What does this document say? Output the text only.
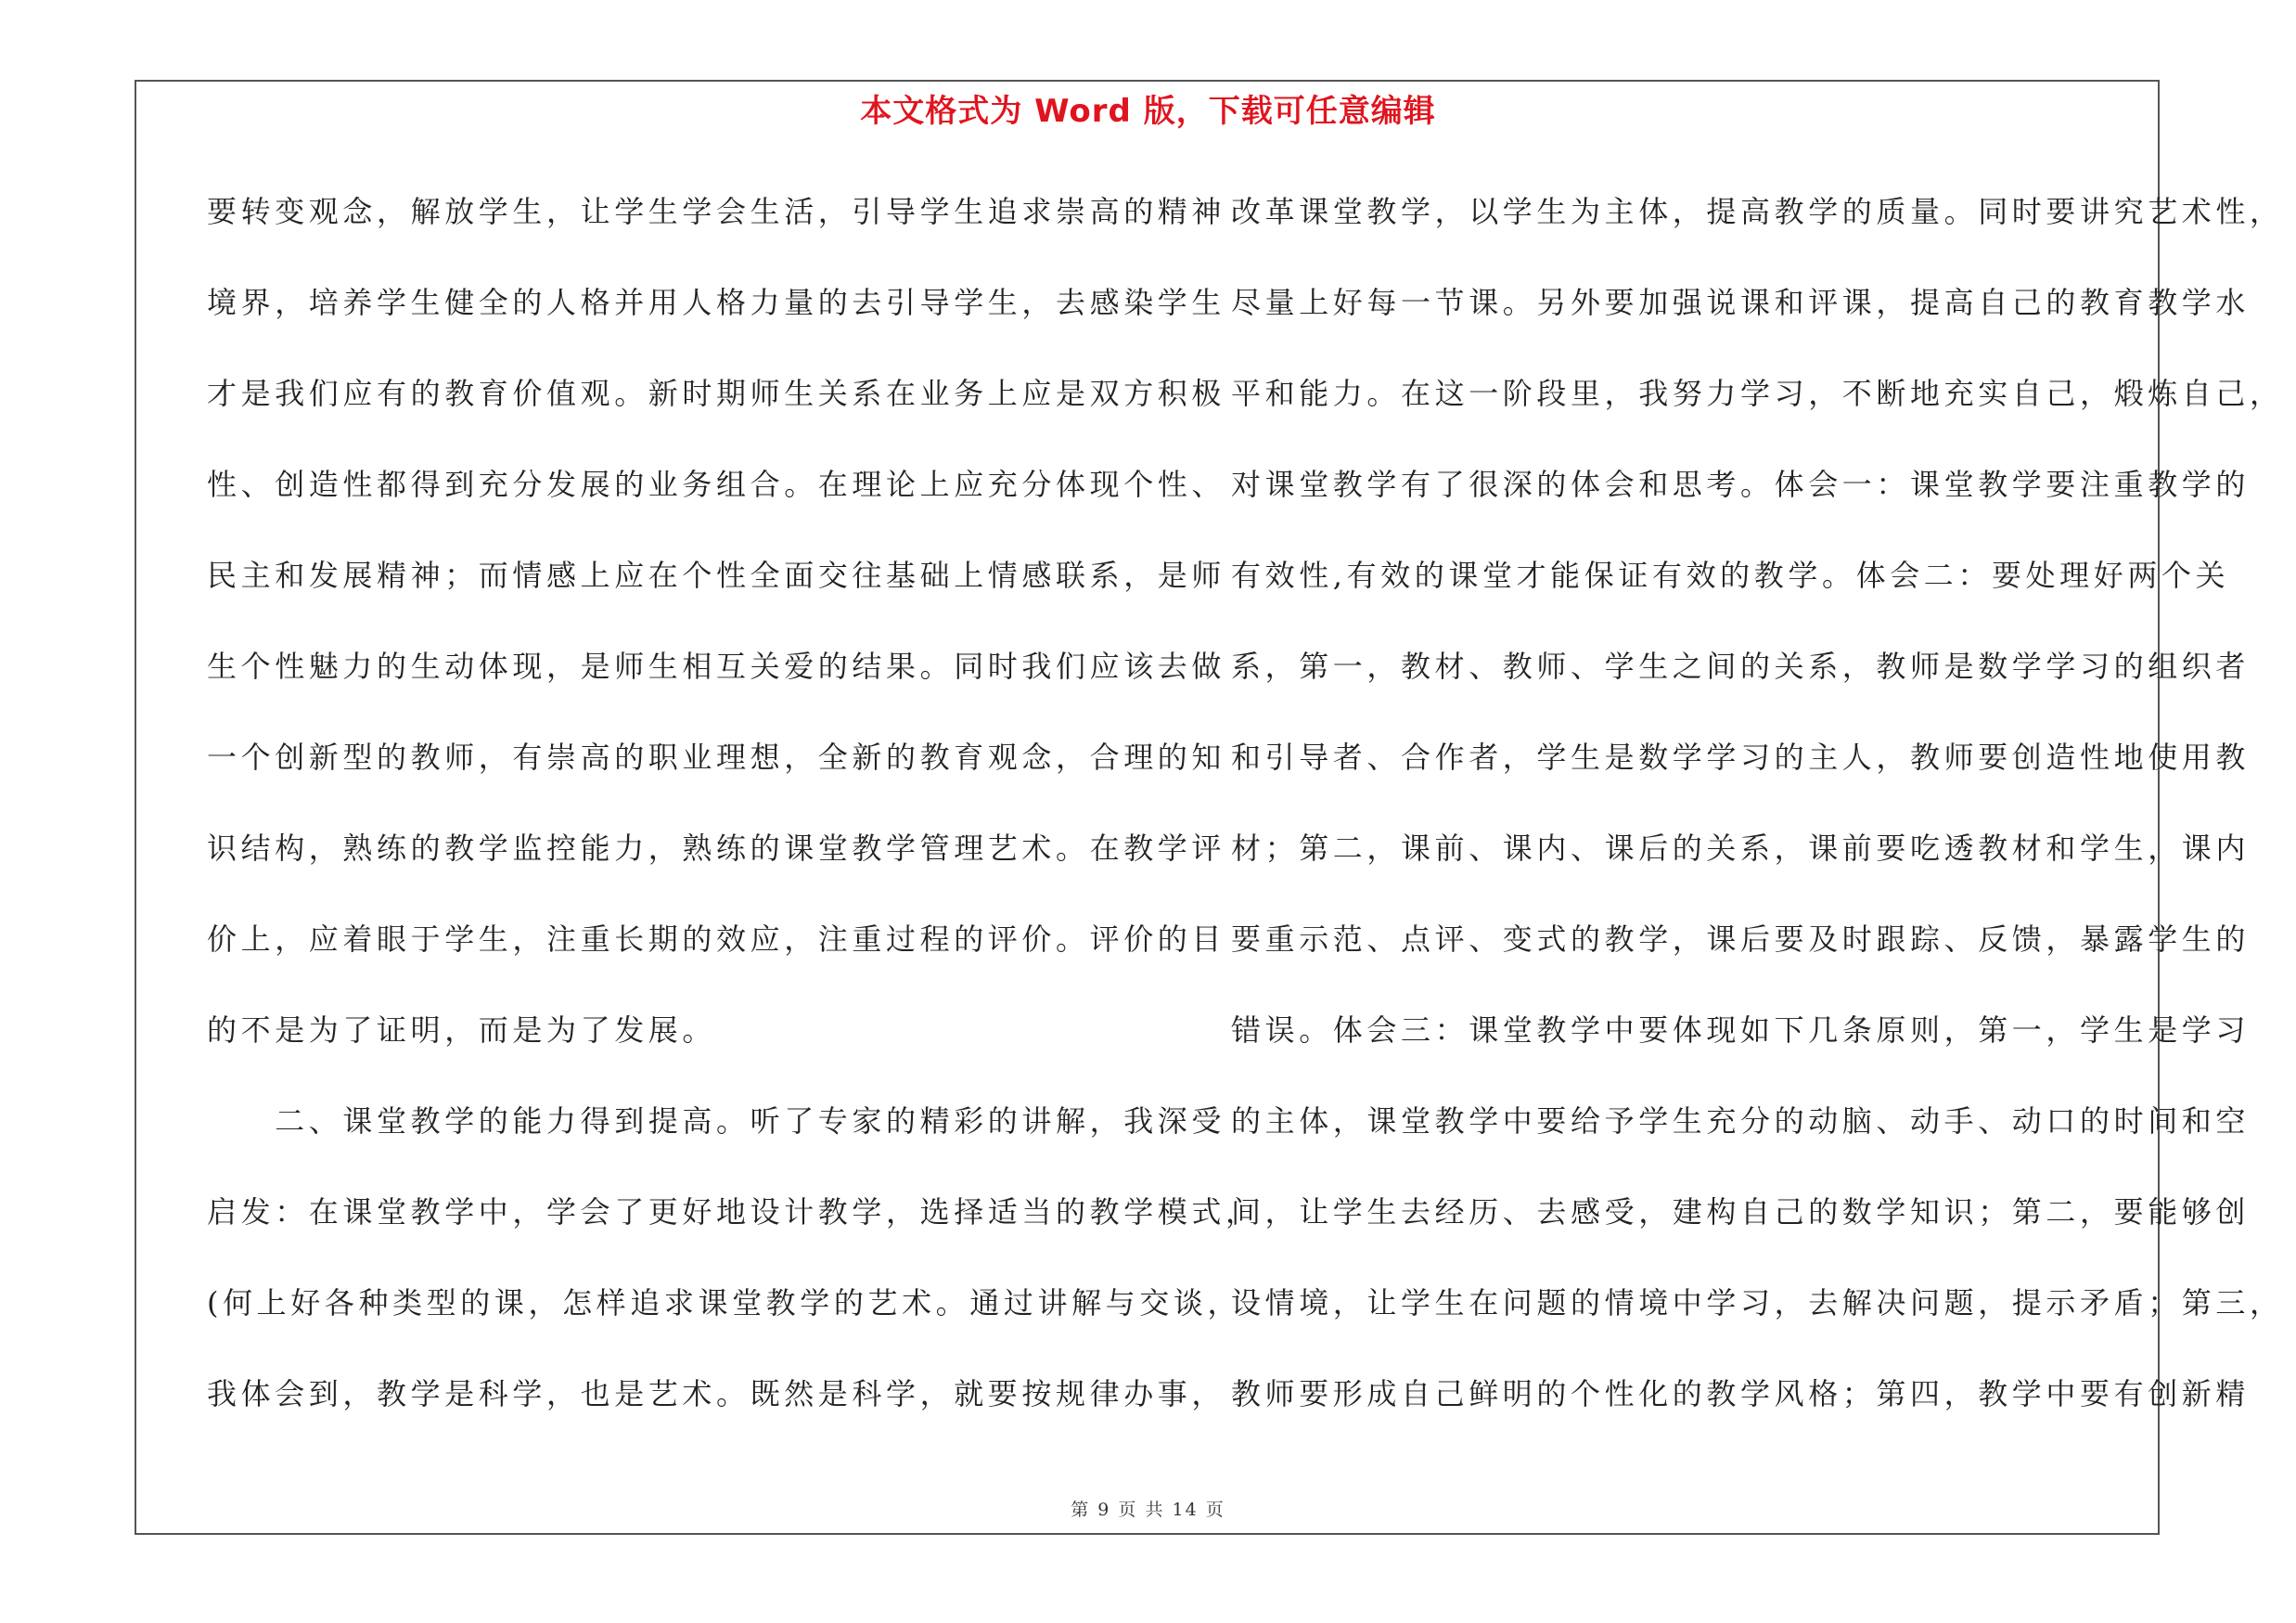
本文格式为 Word 版，下载可任意编辑
要转变观念，解放学生，让学生学会生活，引导学生追求崇高的精神
境界，培养学生健全的人格并用人格力量的去引导学生，去感染学生
才是我们应有的教育价值观。新时期师生关系在业务上应是双方积极
性、创造性都得到充分发展的业务组合。在理论上应充分体现个性、
民主和发展精神；而情感上应在个性全面交往基础上情感联系，是师
生个性魅力的生动体现，是师生相互关爱的结果。同时我们应该去做
一个创新型的教师，有崇高的职业理想，全新的教育观念，合理的知
识结构，熟练的教学监控能力，熟练的课堂教学管理艺术。在教学评
价上，应着眼于学生，注重长期的效应，注重过程的评价。评价的目
的不是为了证明，而是为了发展。
　　二、课堂教学的能力得到提高。听了专家的精彩的讲解，我深受
启发：在课堂教学中，学会了更好地设计教学，选择适当的教学模式，
(何上好各种类型的课，怎样追求课堂教学的艺术。通过讲解与交谈，
我体会到，教学是科学，也是艺术。既然是科学，就要按规律办事，
改革课堂教学，以学生为主体，提高教学的质量。同时要讲究艺术性，
尽量上好每一节课。另外要加强说课和评课，提高自己的教育教学水
平和能力。在这一阶段里，我努力学习，不断地充实自己，煅炼自己，
对课堂教学有了很深的体会和思考。体会一：课堂教学要注重教学的
有效性,有效的课堂才能保证有效的教学。体会二：要处理好两个关
系，第一，教材、教师、学生之间的关系，教师是数学学习的组织者
和引导者、合作者，学生是数学学习的主人，教师要创造性地使用教
材；第二，课前、课内、课后的关系，课前要吃透教材和学生，课内
要重示范、点评、变式的教学，课后要及时跟踪、反馈，暴露学生的
错误。体会三：课堂教学中要体现如下几条原则，第一，学生是学习
的主体，课堂教学中要给予学生充分的动脑、动手、动口的时间和空
间，让学生去经历、去感受，建构自己的数学知识；第二，要能够创
设情境，让学生在问题的情境中学习，去解决问题，提示矛盾；第三，
教师要形成自己鲜明的个性化的教学风格；第四，教学中要有创新精
第 9 页 共 14 页
